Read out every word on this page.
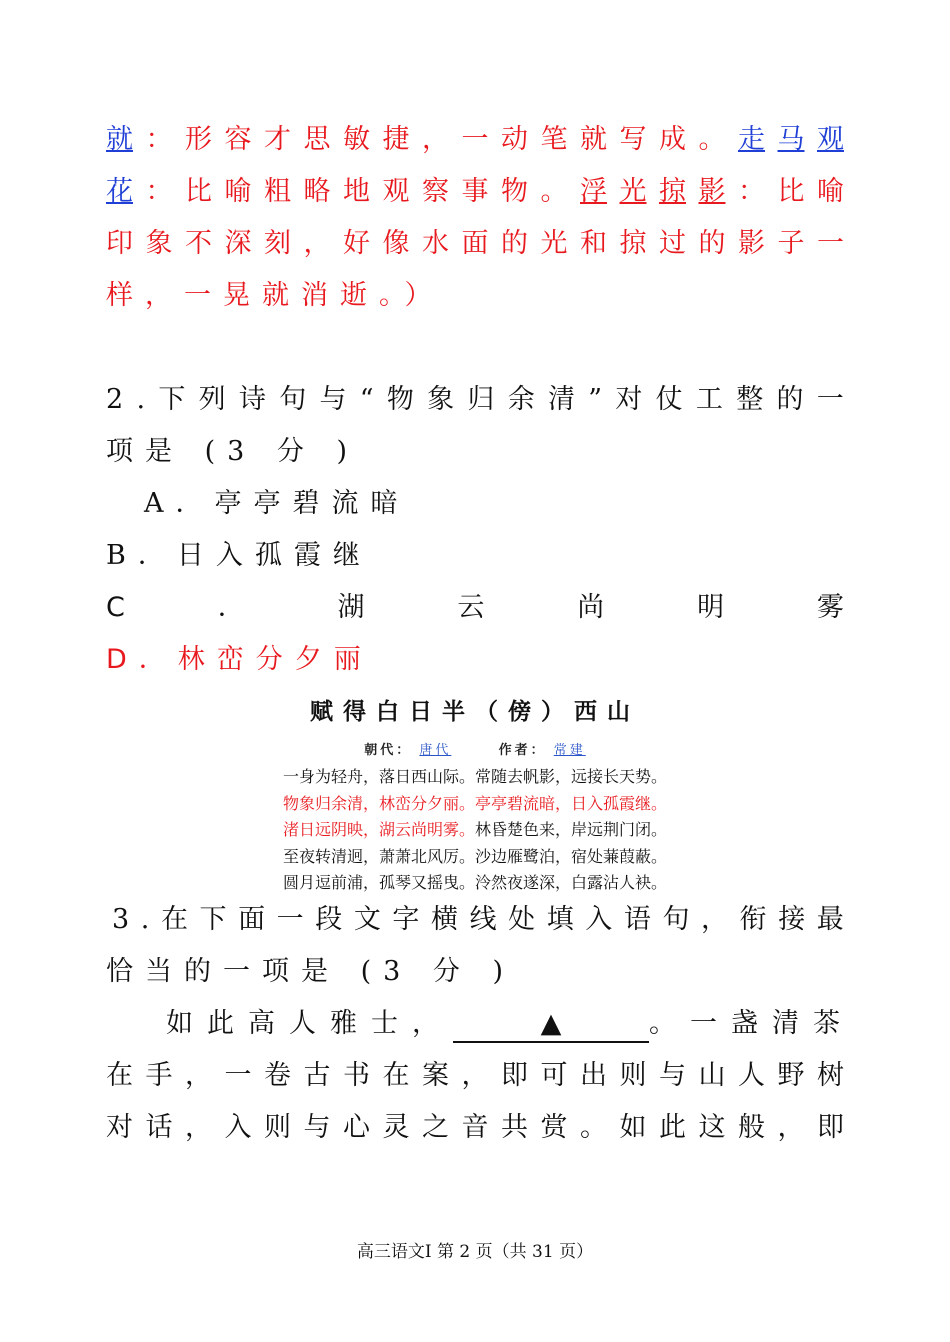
就 ： 形 容 才 思 敏 捷 ， 一 动 笔 就 写 成 。 走 马 观
花 ： 比 喻 粗 略 地 观 察 事 物 。 浮 光 掠 影 ： 比 喻
印 象 不 深 刻 ， 好 像 水 面 的 光 和 掠 过 的 影 子 一
样，一晃就消逝。）
2 . 下 列 诗 句 与 “ 物 象 归 余 清 ” 对 仗 工 整 的 一
项是 (3 分 )
A．亭亭碧流暗
B．日入孤霞继
C	．	湖	云	尚	明	雾
D．林峦分夕丽
赋得白日半（傍）西山
朝代： 唐代	作者： 常建
一身为轻舟，落日西山际。常随去帆影，远接长天势。
物象归余清，林峦分夕丽。亭亭碧流暗，日入孤霞继。
渚日远阴映，湖云尚明雾。林昏楚色来，岸远荆门闭。
至夜转清迥，萧萧北风厉。沙边雁鹭泊，宿处蒹葭蔽。
圆月逗前浦，孤琴又摇曳。泠然夜遂深，白露沾人袂。
3 . 在 下 面 一 段 文 字 横 线 处 填 入 语 句 ， 衔 接 最
恰当的一项是 (3 分 )
如此高人雅士，	▲	。一盏清茶
在 手 ， 一 卷 古 书 在 案 ， 即 可 出 则 与 山 人 野 树
对 话 ， 入 则 与 心 灵 之 音 共 赏 。 如 此 这 般 ， 即
高三语文Ⅰ 第 2 页（共 31 页）
